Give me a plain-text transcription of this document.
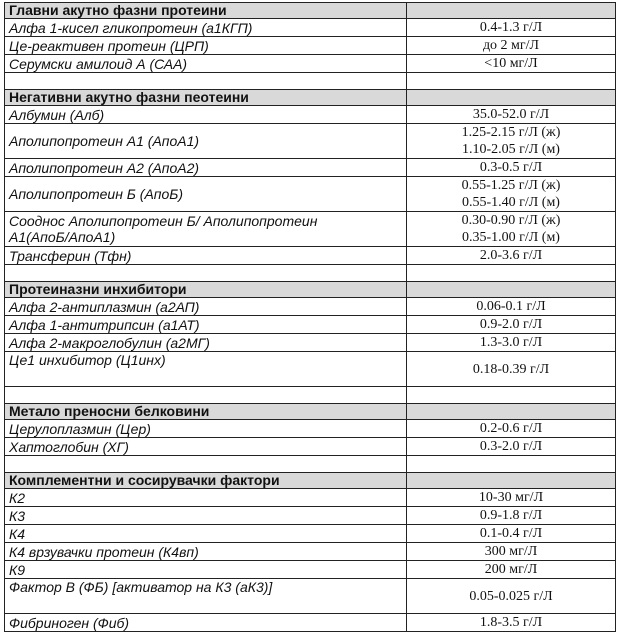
Главни акутно фазни протеини	
Алфа 1-кисел гликопротеин (а1КГП)	0.4-1.3 г/Л
Це-реактивен протеин (ЦРП)	до 2 мг/Л
Серумски амилоид А (САА)	<10 мг/Л

Негативни акутно фазни пеотеини	
Албумин (Алб)	35.0-52.0 г/Л
Аполипопротеин А1 (АпоА1)	1.25-2.15 г/Л (ж)
1.10-2.05 г/Л (м)

Аполипопротеин А2 (АпоА2)	0.3-0.5 г/Л
Аполипопротеин Б (АпоБ)	0.55-1.25 г/Л (ж)
0.55-1.40 г/Л (м)

Соодноc Аполипопротеин Б/ Аполипопротеин
А1(АпоБ/АпоА1)	0.30-0.90 г/Л (ж)
0.35-1.00 г/Л (м)

Трансферин (Тфн)	2.0-3.6 г/Л

Протеиназни инхибитори	
Алфа 2-антиплазмин (а2АП)	0.06-0.1 г/Л
Алфа 1-антитрипсин (а1АТ)	0.9-2.0 г/Л
Алфа 2-макроглобулин (а2МГ)	1.3-3.0 г/Л
Це1 инхибитор (Ц1инх)	0.18-0.39 г/Л

Метало преносни белковини	
Церулоплазмин (Цер)	0.2-0.6 г/Л
Хаптоглобин (ХГ)	0.3-2.0 г/Л

Комплементни и сосирувачки фактори	
К2	10-30 мг/Л
К3	0.9-1.8 г/Л
К4	0.1-0.4 г/Л
К4 врзувачки протеин (К4вп)	300 мг/Л
К9	200 мг/Л
Фактор B (ФБ) [активатор на К3 (аК3)]	0.05-0.025 г/Л
Фибриноген (Фиб)	1.8-3.5 г/Л
